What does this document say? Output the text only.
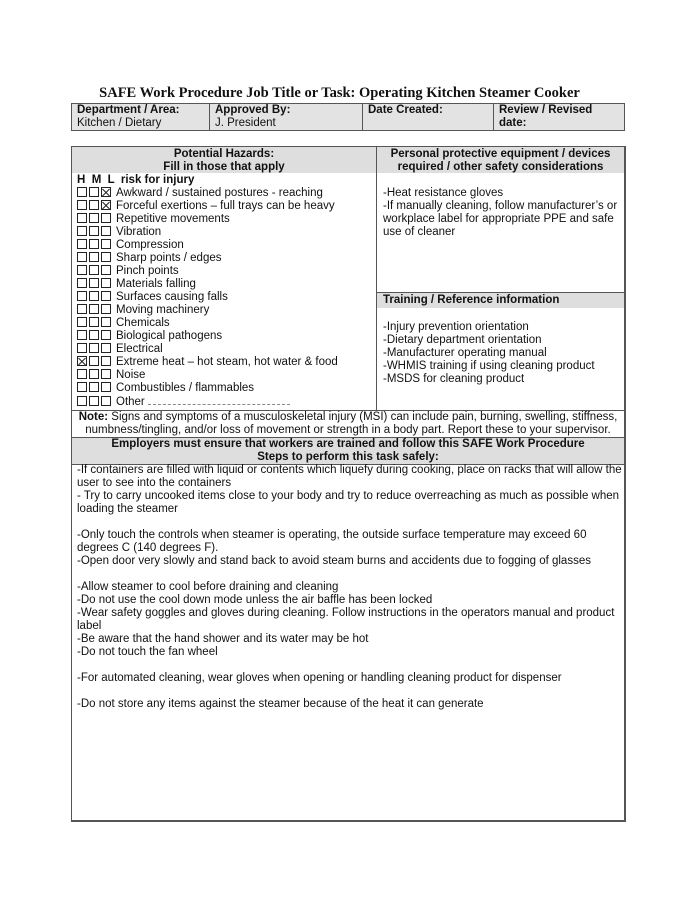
SAFE Work Procedure Job Title or Task: Operating Kitchen Steamer Cooker
Department / Area:
Kitchen / Dietary	
Approved By:
J. President	
Date Created:	Review / Revised date:
Potential Hazards:
Fill in those that apply
H  M  L  risk for injury
Awkward / sustained postures - reaching
Forceful exertions – full trays can be heavy
Repetitive movements
Vibration
Compression
Sharp points / edges
Pinch points
Materials falling
Surfaces causing falls
Moving machinery
Chemicals
Biological pathogens
Electrical
Extreme heat – hot steam, hot water & food
Noise
Combustibles / flammables
Other
Personal protective equipment / devices
required / other safety considerations
-Heat resistance gloves
-If manually cleaning, follow manufacturer’s or
workplace label for appropriate PPE and safe
use of cleaner
Training / Reference information
-Injury prevention orientation
-Dietary department orientation
-Manufacturer operating manual
-WHMIS training if using cleaning product
-MSDS for cleaning product
Note: Signs and symptoms of a musculoskeletal injury (MSI) can include pain, burning, swelling, stiffness,
numbness/tingling, and/or loss of movement or strength in a body part. Report these to your supervisor.
Employers must ensure that workers are trained and follow this SAFE Work Procedure
Steps to perform this task safely:

-If containers are filled with liquid or contents which liquefy during cooking, place on racks that will allow the

user to see into the containers

- Try to carry uncooked items close to your body and try to reduce overreaching as much as possible when

loading the steamer

-Only touch the controls when steamer is operating, the outside surface temperature may exceed 60

degrees C (140 degrees F).

-Open door very slowly and stand back to avoid steam burns and accidents due to fogging of glasses

-Allow steamer to cool before draining and cleaning

-Do not use the cool down mode unless the air baffle has been locked

-Wear safety goggles and gloves during cleaning. Follow instructions in the operators manual and product

label

-Be aware that the hand shower and its water may be hot

-Do not touch the fan wheel

-For automated cleaning, wear gloves when opening or handling cleaning product for dispenser

-Do not store any items against the steamer because of the heat it can generate
